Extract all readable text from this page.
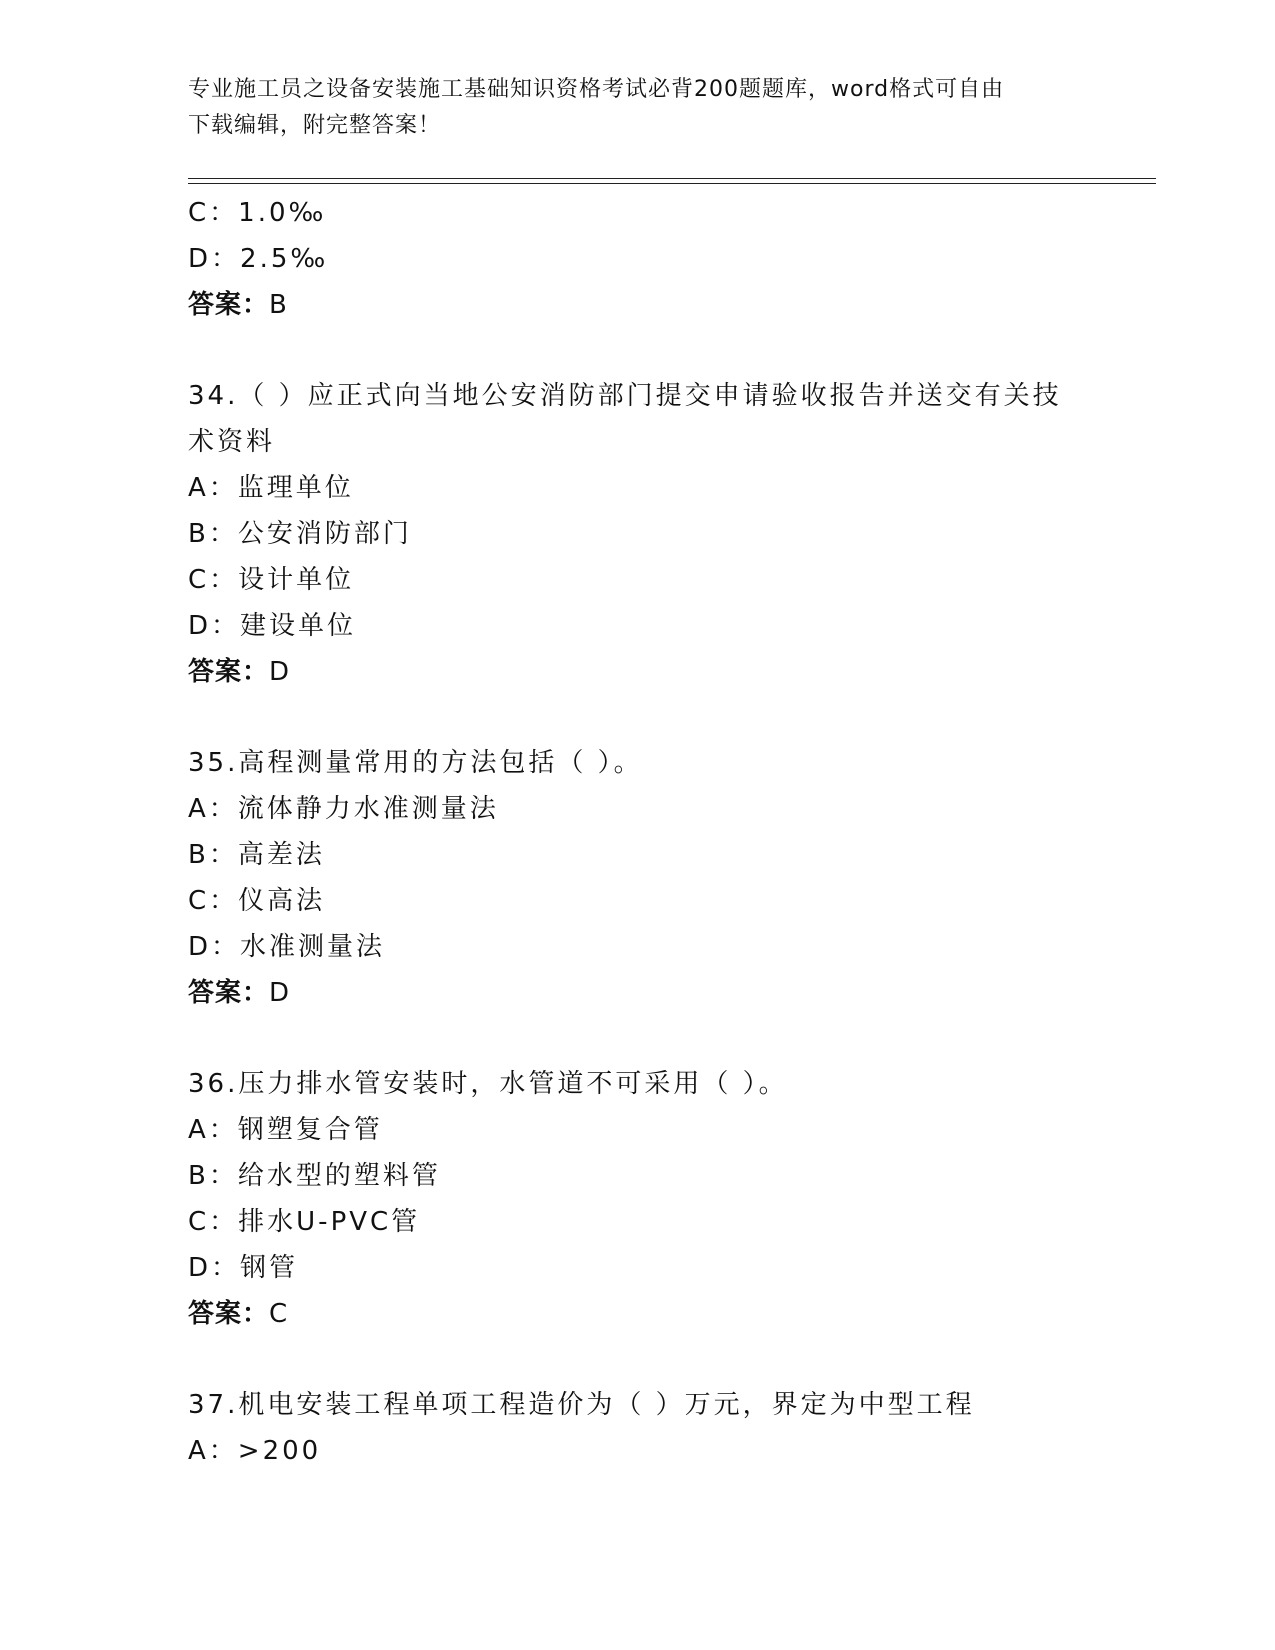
专业施工员之设备安装施工基础知识资格考试必背200题题库，word格式可自由
下载编辑，附完整答案！
C：1.0‰
D：2.5‰
答案：B
34.（ ）应正式向当地公安消防部门提交申请验收报告并送交有关技
术资料
A：监理单位
B：公安消防部门
C：设计单位
D：建设单位
答案：D
35.高程测量常用的方法包括（ ）。
A：流体静力水准测量法
B：高差法
C：仪高法
D：水准测量法
答案：D
36.压力排水管安装时，水管道不可采用（ ）。
A：钢塑复合管
B：给水型的塑料管
C：排水U-PVC管
D：钢管
答案：C
37.机电安装工程单项工程造价为（ ）万元，界定为中型工程
A：>200
